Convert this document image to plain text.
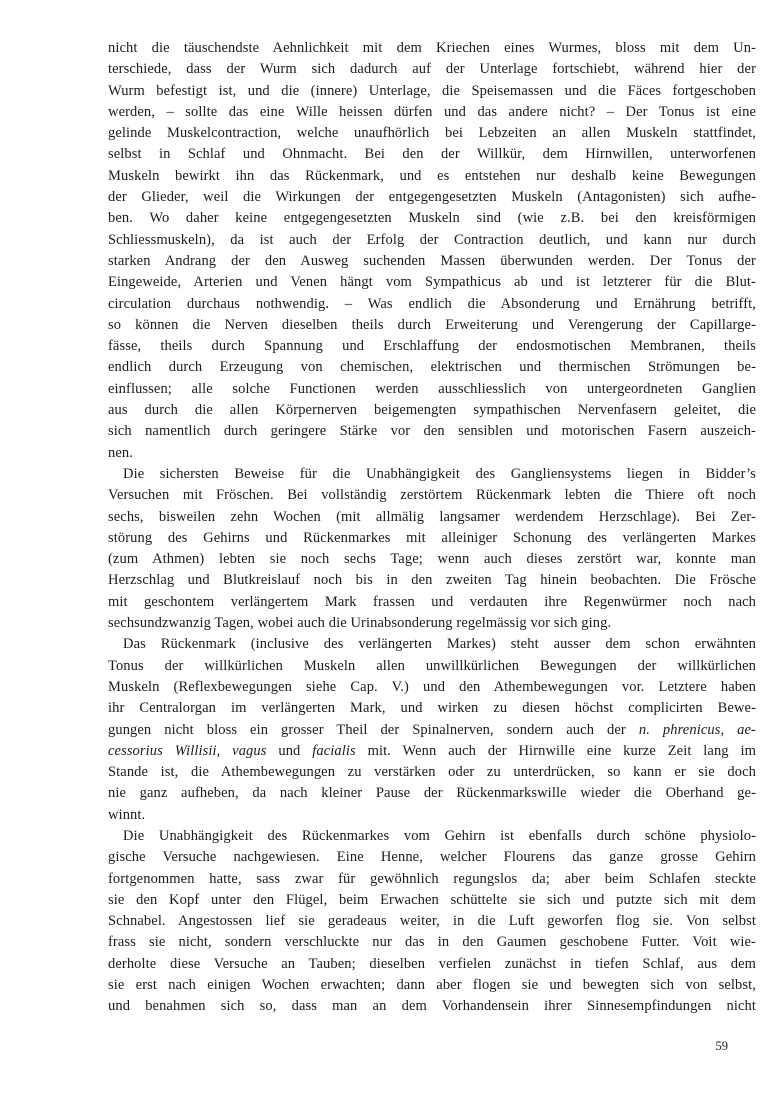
nicht die täuschendste Aehnlichkeit mit dem Kriechen eines Wurmes, bloss mit dem Un-
terschiede, dass der Wurm sich dadurch auf der Unterlage fortschiebt, während hier der
Wurm befestigt ist, und die (innere) Unterlage, die Speisemassen und die Fäces fortgeschoben
werden, – sollte das eine Wille heissen dürfen und das andere nicht? – Der Tonus ist eine
gelinde Muskelcontraction, welche unaufhörlich bei Lebzeiten an allen Muskeln stattfindet,
selbst in Schlaf und Ohnmacht. Bei den der Willkür, dem Hirnwillen, unterworfenen
Muskeln bewirkt ihn das Rückenmark, und es entstehen nur deshalb keine Bewegungen
der Glieder, weil die Wirkungen der entgegengesetzten Muskeln (Antagonisten) sich aufhe-
ben. Wo daher keine entgegengesetzten Muskeln sind (wie z.B. bei den kreisförmigen
Schliessmuskeln), da ist auch der Erfolg der Contraction deutlich, und kann nur durch
starken Andrang der den Ausweg suchenden Massen überwunden werden. Der Tonus der
Eingeweide, Arterien und Venen hängt vom Sympathicus ab und ist letzterer für die Blut-
circulation durchaus nothwendig. – Was endlich die Absonderung und Ernährung betrifft,
so können die Nerven dieselben theils durch Erweiterung und Verengerung der Capillarge-
fässe, theils durch Spannung und Erschlaffung der endosmotischen Membranen, theils
endlich durch Erzeugung von chemischen, elektrischen und thermischen Strömungen be-
einflussen; alle solche Functionen werden ausschliesslich von untergeordneten Ganglien
aus durch die allen Körpernerven beigemengten sympathischen Nervenfasern geleitet, die
sich namentlich durch geringere Stärke vor den sensiblen und motorischen Fasern auszeich-
nen.
Die sichersten Beweise für die Unabhängigkeit des Gangliensystems liegen in Bidder’s
Versuchen mit Fröschen. Bei vollständig zerstörtem Rückenmark lebten die Thiere oft noch
sechs, bisweilen zehn Wochen (mit allmälig langsamer werdendem Herzschlage). Bei Zer-
störung des Gehirns und Rückenmarkes mit alleiniger Schonung des verlängerten Markes
(zum Athmen) lebten sie noch sechs Tage; wenn auch dieses zerstört war, konnte man
Herzschlag und Blutkreislauf noch bis in den zweiten Tag hinein beobachten. Die Frösche
mit geschontem verlängertem Mark frassen und verdauten ihre Regenwürmer noch nach
sechsundzwanzig Tagen, wobei auch die Urinabsonderung regelmässig vor sich ging.
Das Rückenmark (inclusive des verlängerten Markes) steht ausser dem schon erwähnten
Tonus der willkürlichen Muskeln allen unwillkürlichen Bewegungen der willkürlichen
Muskeln (Reflexbewegungen siehe Cap. V.) und den Athembewegungen vor. Letztere haben
ihr Centralorgan im verlängerten Mark, und wirken zu diesen höchst complicirten Bewe-
gungen nicht bloss ein grosser Theil der Spinalnerven, sondern auch der n. phrenicus, ae-
cessorius Willisii, vagus und facialis mit. Wenn auch der Hirnwille eine kurze Zeit lang im
Stande ist, die Athembewegungen zu verstärken oder zu unterdrücken, so kann er sie doch
nie ganz aufheben, da nach kleiner Pause der Rückenmarkswille wieder die Oberhand ge-
winnt.
Die Unabhängigkeit des Rückenmarkes vom Gehirn ist ebenfalls durch schöne physiolo-
gische Versuche nachgewiesen. Eine Henne, welcher Flourens das ganze grosse Gehirn
fortgenommen hatte, sass zwar für gewöhnlich regungslos da; aber beim Schlafen steckte
sie den Kopf unter den Flügel, beim Erwachen schüttelte sie sich und putzte sich mit dem
Schnabel. Angestossen lief sie geradeaus weiter, in die Luft geworfen flog sie. Von selbst
frass sie nicht, sondern verschluckte nur das in den Gaumen geschobene Futter. Voit wie-
derholte diese Versuche an Tauben; dieselben verfielen zunächst in tiefen Schlaf, aus dem
sie erst nach einigen Wochen erwachten; dann aber flogen sie und bewegten sich von selbst,
und benahmen sich so, dass man an dem Vorhandensein ihrer Sinnesempfindungen nicht
59
